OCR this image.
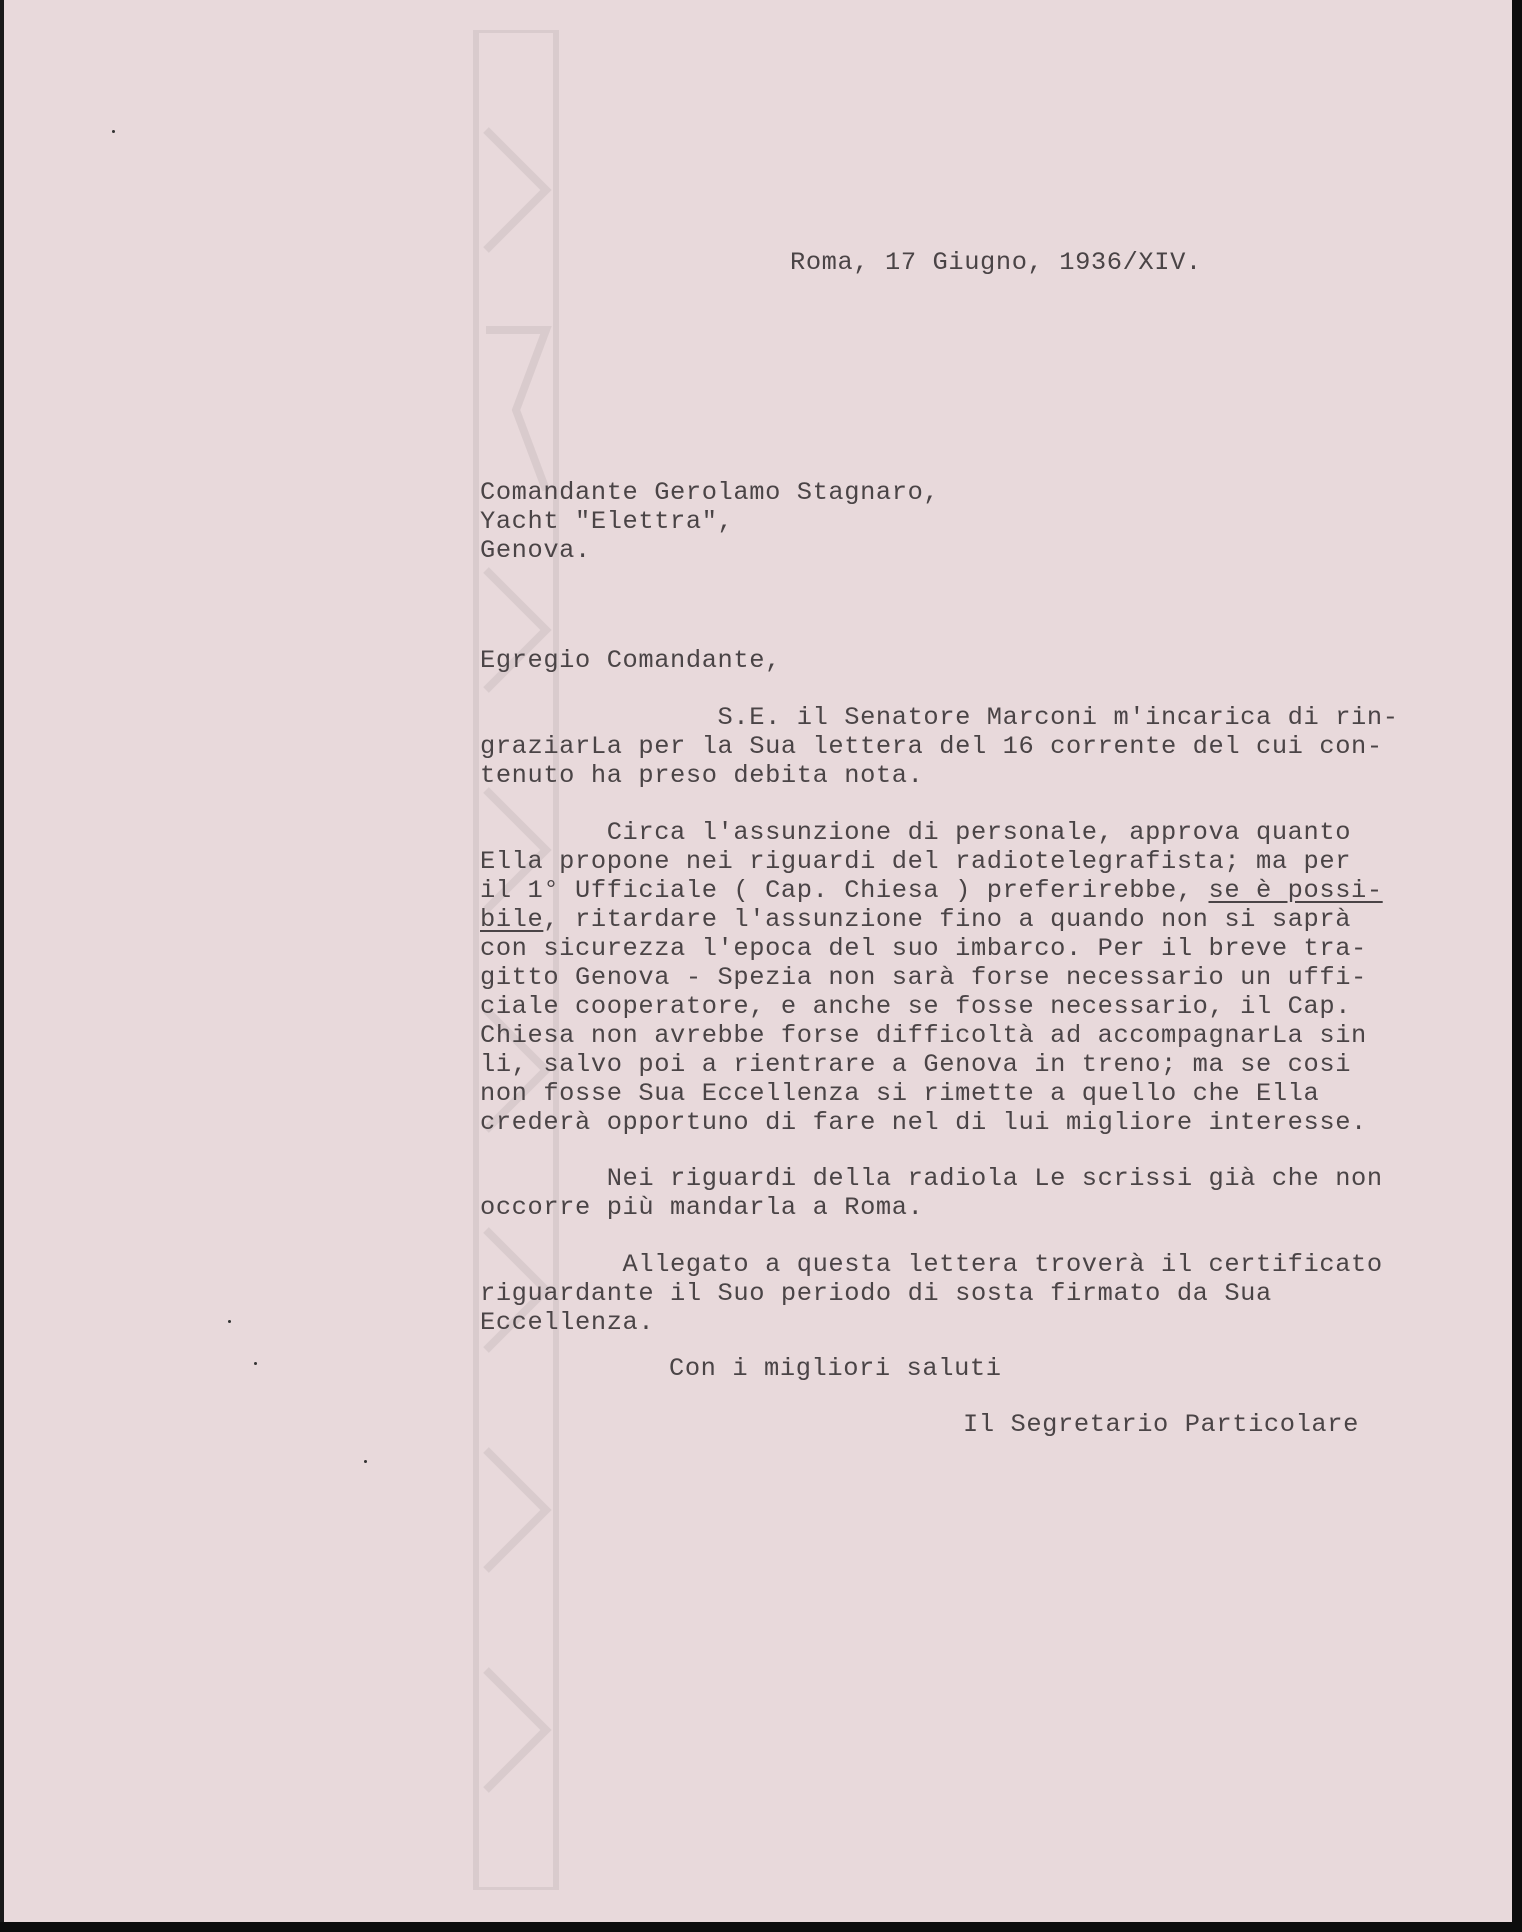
Roma, 17 Giugno, 1936/XIV.
Comandante Gerolamo Stagnaro,
Yacht "Elettra",
Genova.
Egregio Comandante,
S.E. il Senatore Marconi m'incarica di rin-
graziarLa per la Sua lettera del 16 corrente del cui con-
tenuto ha preso debita nota.
Circa l'assunzione di personale, approva quanto
Ella propone nei riguardi del radiotelegrafista; ma per
il 1° Ufficiale ( Cap. Chiesa ) preferirebbe, se è possi-
bile, ritardare l'assunzione fino a quando non si saprà
con sicurezza l'epoca del suo imbarco. Per il breve tra-
gitto Genova - Spezia non sarà forse necessario un uffi-
ciale cooperatore, e anche se fosse necessario, il Cap.
Chiesa non avrebbe forse difficoltà ad accompagnarLa sin
li, salvo poi a rientrare a Genova in treno; ma se cosi
non fosse Sua Eccellenza si rimette a quello che Ella
crederà opportuno di fare nel di lui migliore interesse.
Nei riguardi della radiola Le scrissi già che non
occorre più mandarla a Roma.
Allegato a questa lettera troverà il certificato
riguardante il Suo periodo di sosta firmato da Sua
Eccellenza.
Con i migliori saluti
Il Segretario Particolare
